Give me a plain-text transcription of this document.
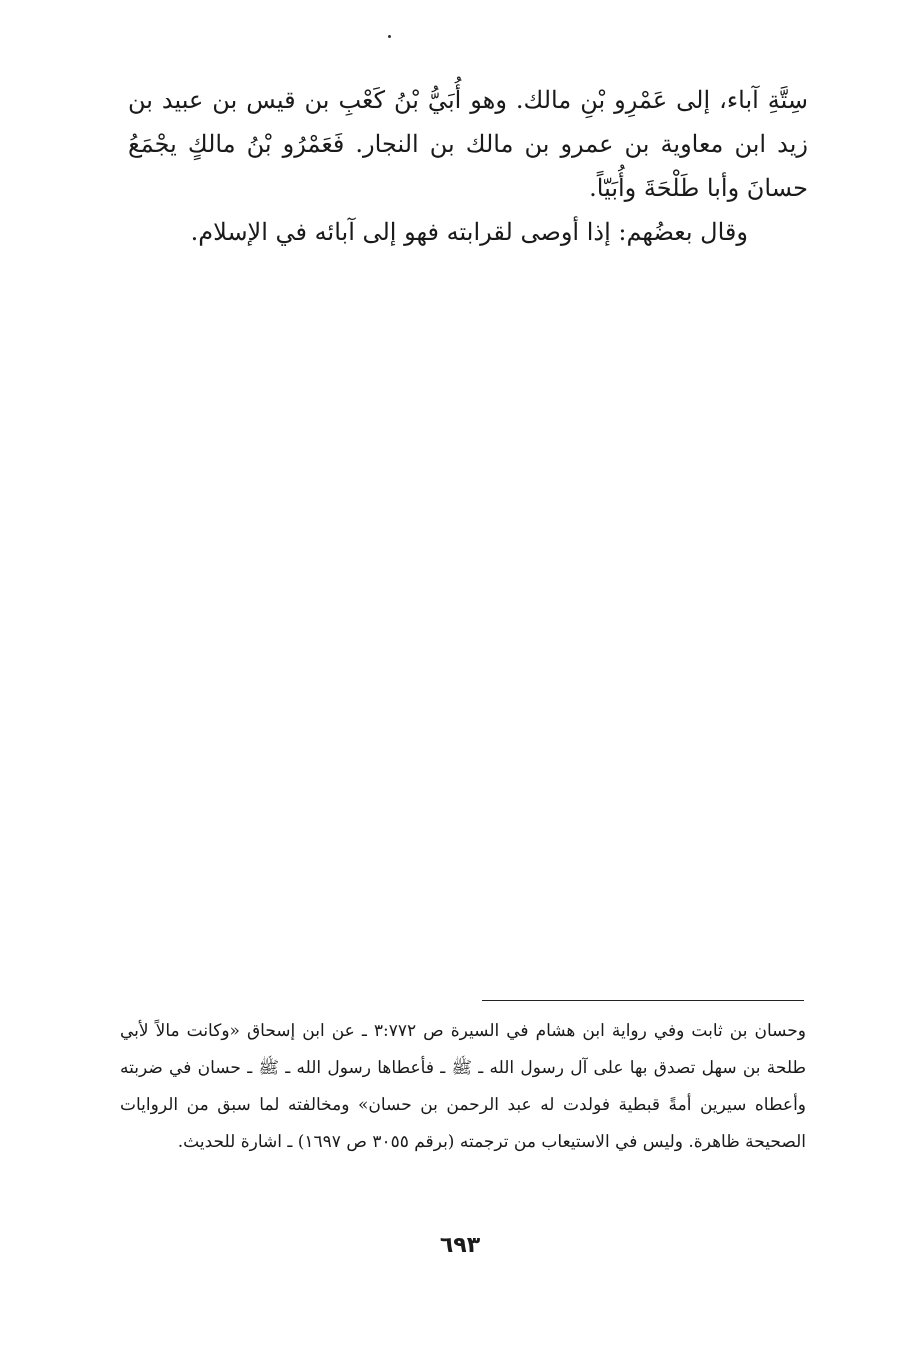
سِتَّةِ آباء، إلى عَمْرِو بْنِ مالك. وهو أُبَيُّ بْنُ كَعْبِ بن قيس بن عبيد بن زيد ابن معاوية بن عمرو بن مالك بن النجار. فَعَمْرُو بْنُ مالكٍ يجْمَعُ حسانَ وأبا طَلْحَةَ وأُبَيّاً.

وقال بعضُهم: إذا أوصى لقرابته فهو إلى آبائه في الإسلام.

وحسان بن ثابت وفي رواية ابن هشام في السيرة ص ٣:٧٧٢ ـ عن ابن إسحاق «وكانت مالاً لأبي طلحة بن سهل تصدق بها على آل رسول الله ـ ﷺ ـ فأعطاها رسول الله ـ ﷺ ـ حسان في ضربته وأعطاه سيرين أمةً قبطية فولدت له عبد الرحمن بن حسان» ومخالفته لما سبق من الروايات الصحيحة ظاهرة. وليس في الاستيعاب من ترجمته (برقم ٣٠٥٥ ص ١٦٩٧) ـ اشارة للحديث.

٦٩٣
